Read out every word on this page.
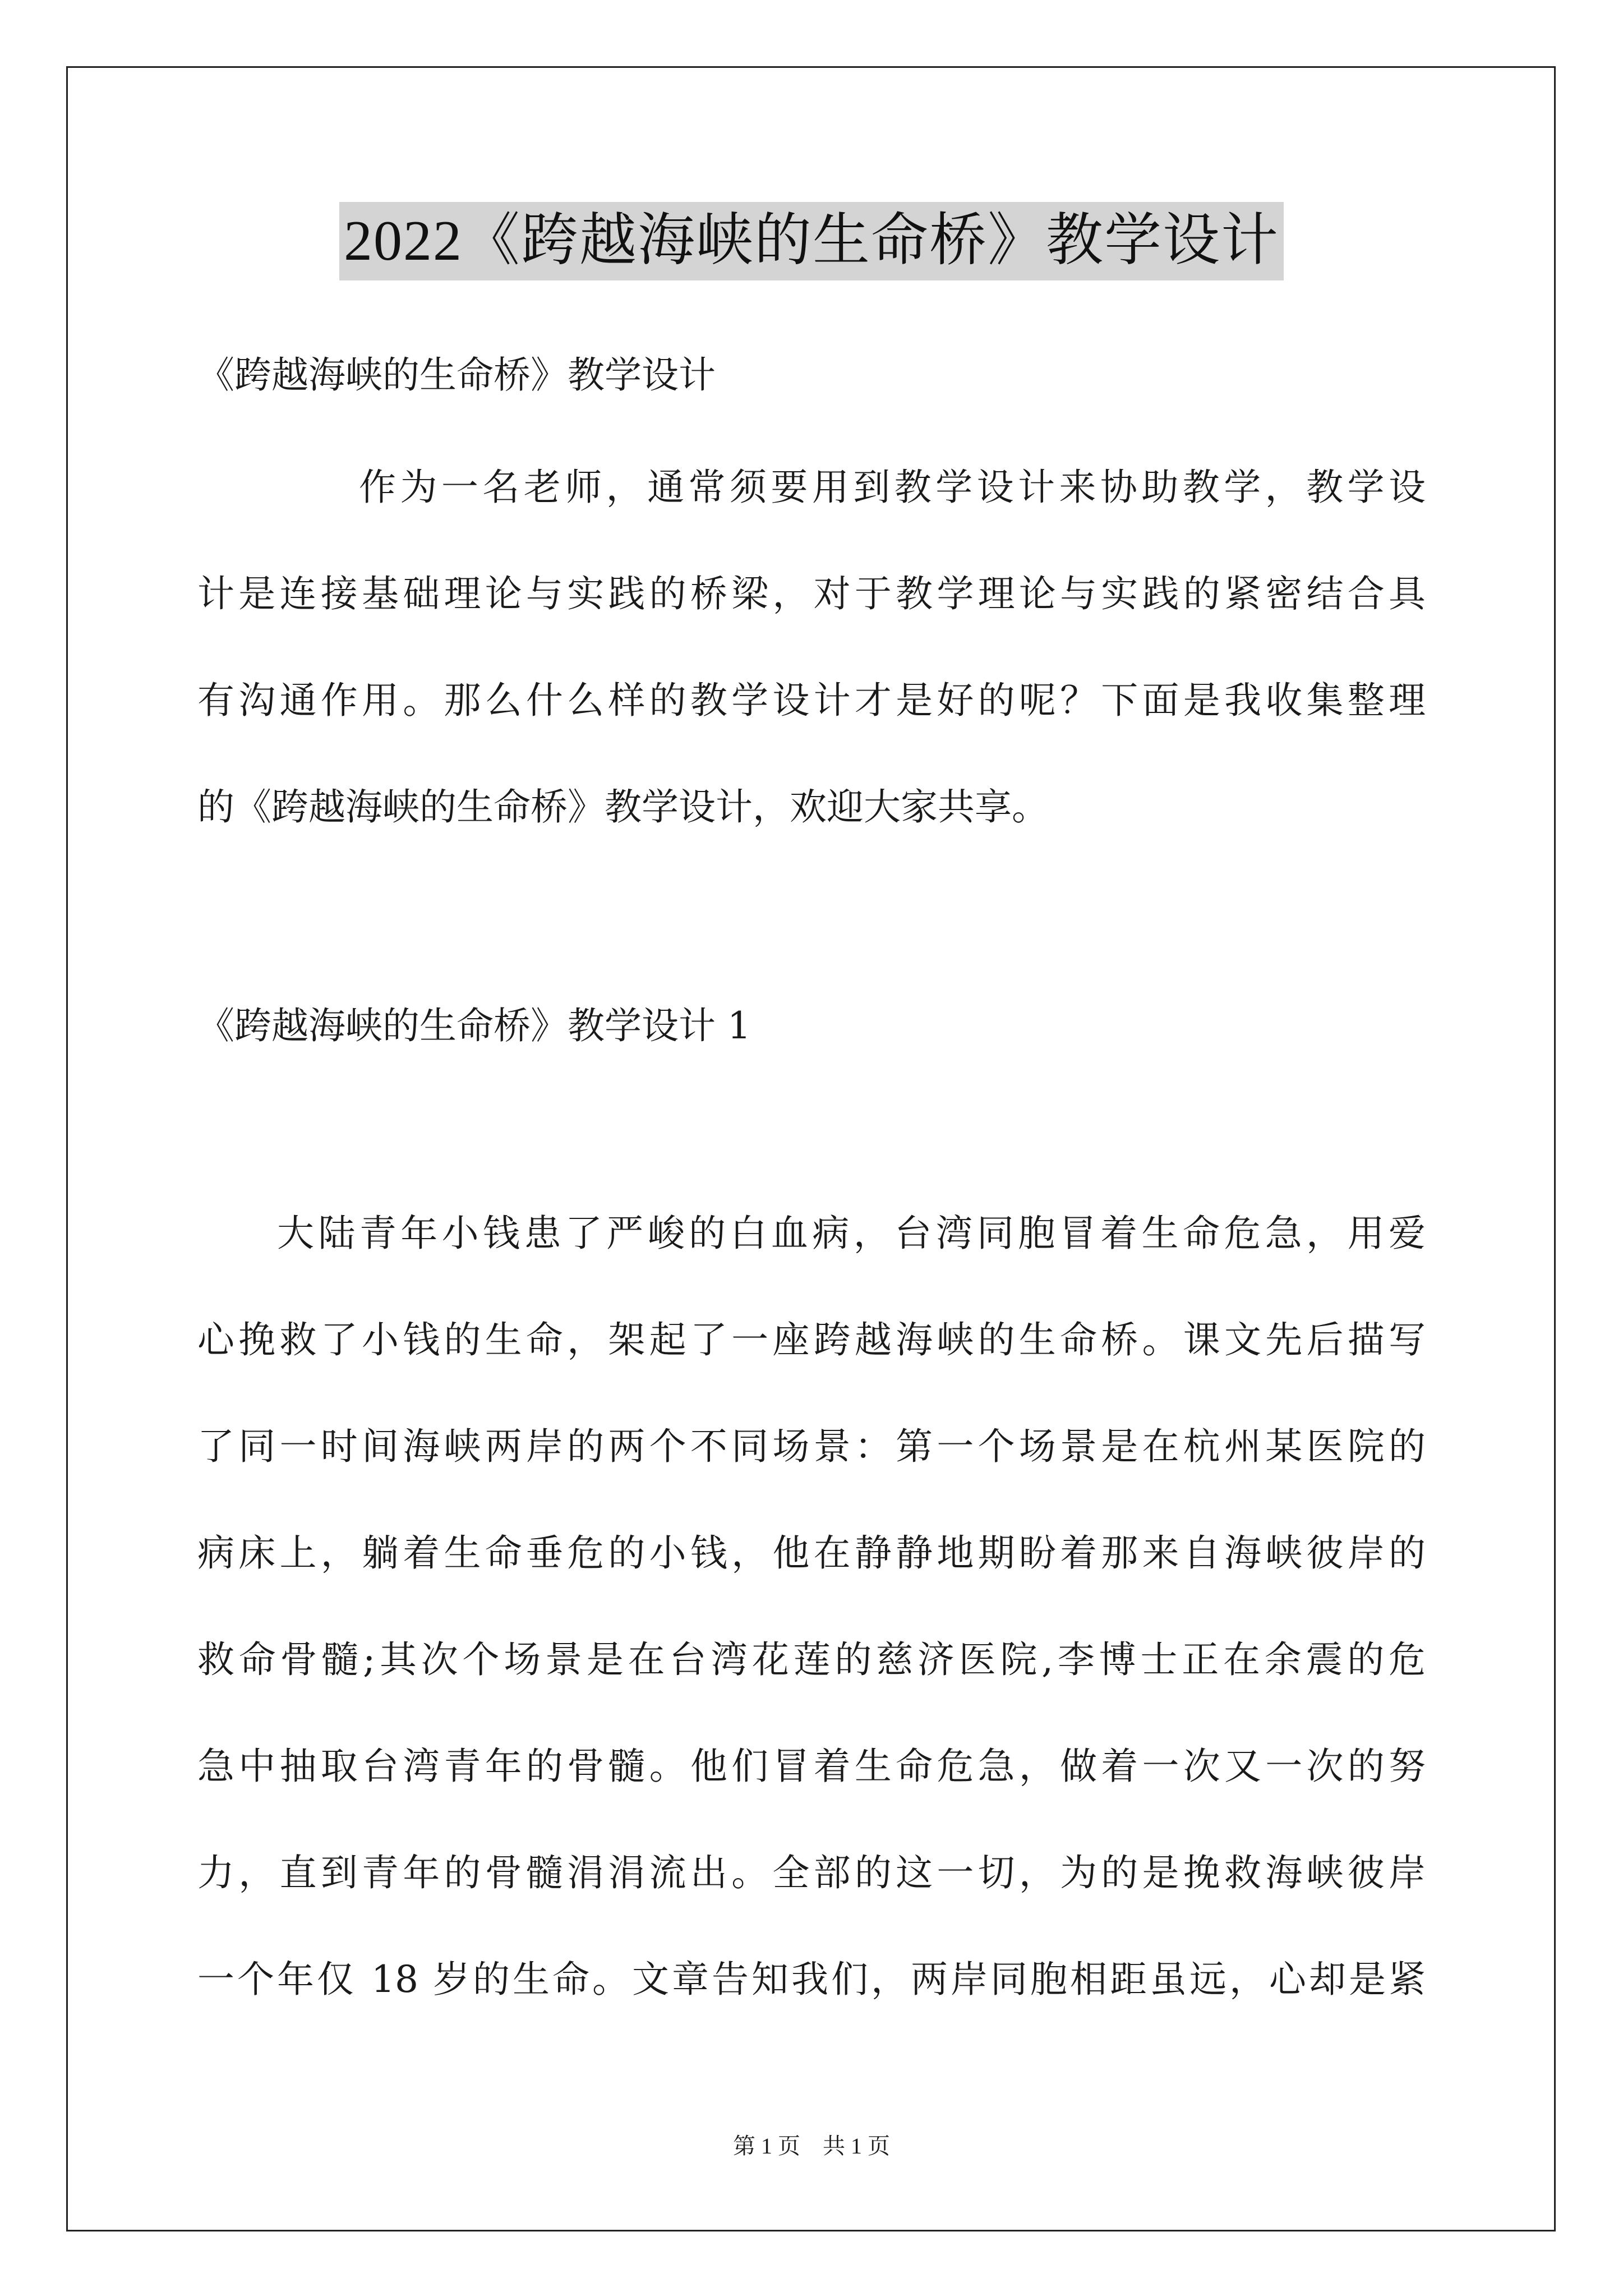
2022《跨越海峡的生命桥》教学设计
《跨越海峡的生命桥》教学设计
作为一名老师，通常须要用到教学设计来协助教学，教学设
计是连接基础理论与实践的桥梁，对于教学理论与实践的紧密结合具
有沟通作用。那么什么样的教学设计才是好的呢？下面是我收集整理
的《跨越海峡的生命桥》教学设计，欢迎大家共享。
《跨越海峡的生命桥》教学设计 1
大陆青年小钱患了严峻的白血病，台湾同胞冒着生命危急，用爱
心挽救了小钱的生命，架起了一座跨越海峡的生命桥。课文先后描写
了同一时间海峡两岸的两个不同场景：第一个场景是在杭州某医院的
病床上，躺着生命垂危的小钱，他在静静地期盼着那来自海峡彼岸的
救命骨髓;其次个场景是在台湾花莲的慈济医院,李博士正在余震的危
急中抽取台湾青年的骨髓。他们冒着生命危急，做着一次又一次的努
力，直到青年的骨髓涓涓流出。全部的这一切，为的是挽救海峡彼岸
一个年仅 18 岁的生命。文章告知我们，两岸同胞相距虽远，心却是紧
第 1 页　共 1 页
